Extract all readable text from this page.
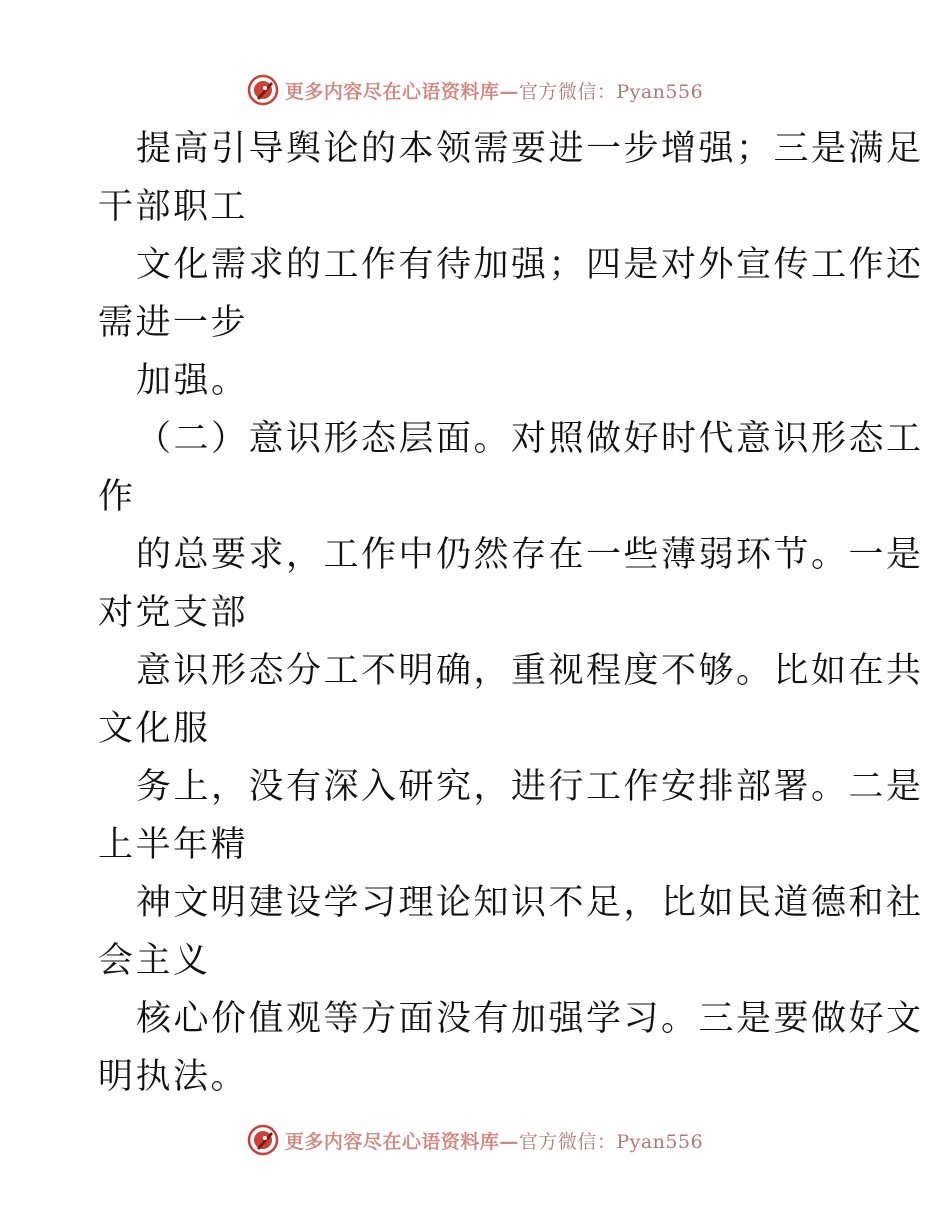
更多内容尽在心语资料库—官方微信：Pyan556
提高引导舆论的本领需要进一步增强；三是满足
干部职工
文化需求的工作有待加强；四是对外宣传工作还
需进一步
加强。
（二）意识形态层面。对照做好时代意识形态工
作
的总要求，工作中仍然存在一些薄弱环节。一是
对党支部
意识形态分工不明确，重视程度不够。比如在共
文化服
务上，没有深入研究，进行工作安排部署。二是
上半年精
神文明建设学习理论知识不足，比如民道德和社
会主义
核心价值观等方面没有加强学习。三是要做好文
明执法。
更多内容尽在心语资料库—官方微信：Pyan556
